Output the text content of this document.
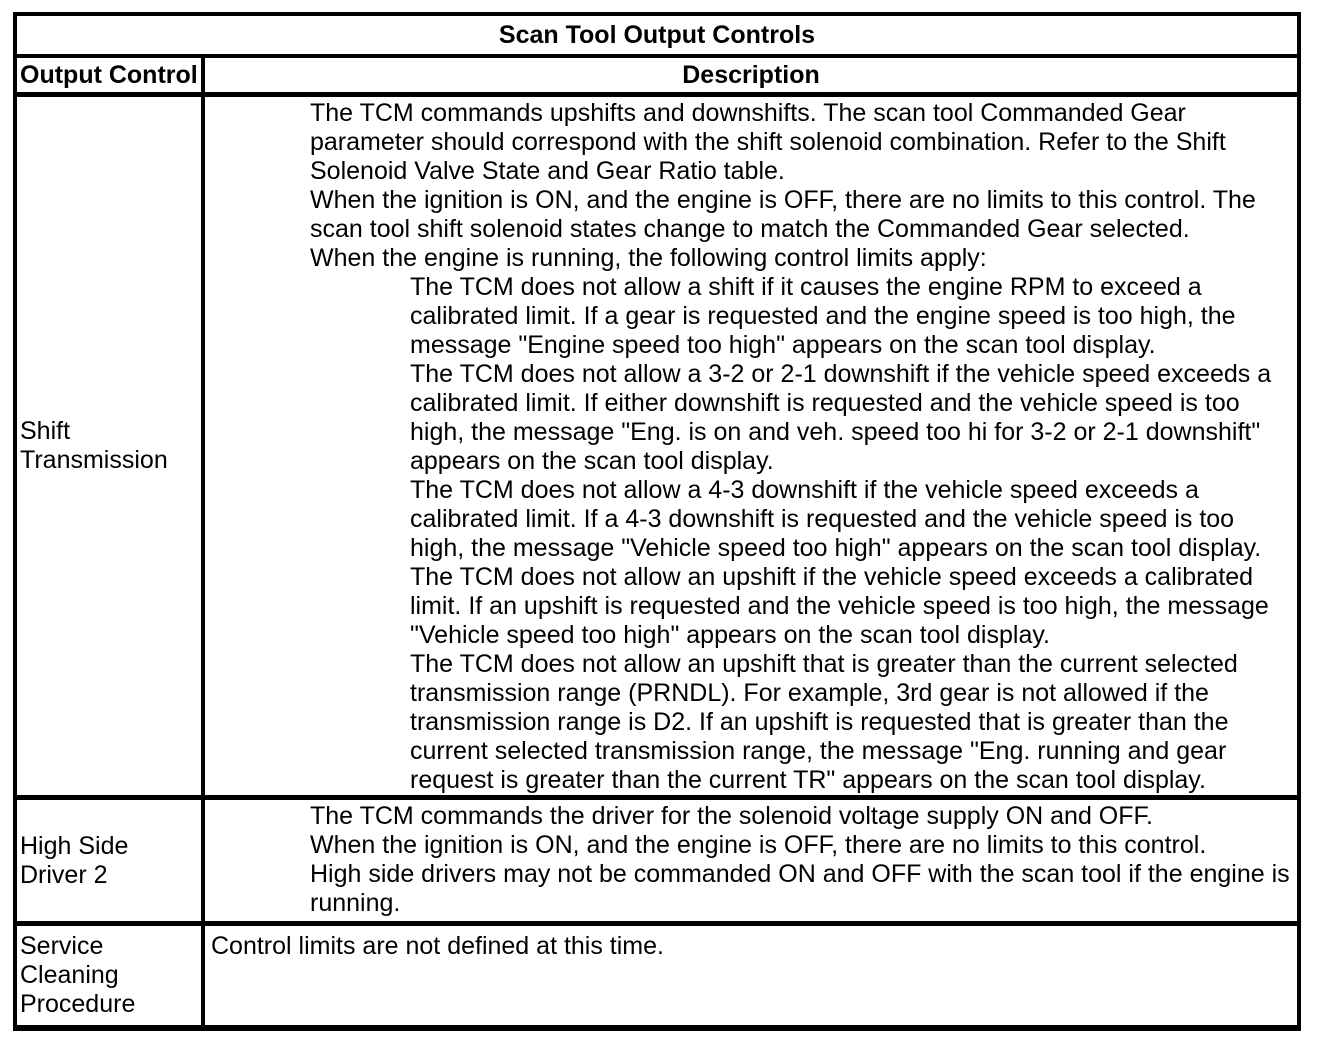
Scan Tool Output Controls
Output Control	Description
Shift
Transmission
The TCM commands upshifts and downshifts. The scan tool Commanded Gear
parameter should correspond with the shift solenoid combination. Refer to the Shift
Solenoid Valve State and Gear Ratio table.
When the ignition is ON, and the engine is OFF, there are no limits to this control. The
scan tool shift solenoid states change to match the Commanded Gear selected.
When the engine is running, the following control limits apply:
The TCM does not allow a shift if it causes the engine RPM to exceed a
calibrated limit. If a gear is requested and the engine speed is too high, the
message "Engine speed too high" appears on the scan tool display.
The TCM does not allow a 3-2 or 2-1 downshift if the vehicle speed exceeds a
calibrated limit. If either downshift is requested and the vehicle speed is too
high, the message "Eng. is on and veh. speed too hi for 3-2 or 2-1 downshift"
appears on the scan tool display.
The TCM does not allow a 4-3 downshift if the vehicle speed exceeds a
calibrated limit. If a 4-3 downshift is requested and the vehicle speed is too
high, the message "Vehicle speed too high" appears on the scan tool display.
The TCM does not allow an upshift if the vehicle speed exceeds a calibrated
limit. If an upshift is requested and the vehicle speed is too high, the message
"Vehicle speed too high" appears on the scan tool display.
The TCM does not allow an upshift that is greater than the current selected
transmission range (PRNDL). For example, 3rd gear is not allowed if the
transmission range is D2. If an upshift is requested that is greater than the
current selected transmission range, the message "Eng. running and gear
request is greater than the current TR" appears on the scan tool display.
High Side
Driver 2
The TCM commands the driver for the solenoid voltage supply ON and OFF.
When the ignition is ON, and the engine is OFF, there are no limits to this control.
High side drivers may not be commanded ON and OFF with the scan tool if the engine is
running.
Service
Cleaning
Procedure
Control limits are not defined at this time.
